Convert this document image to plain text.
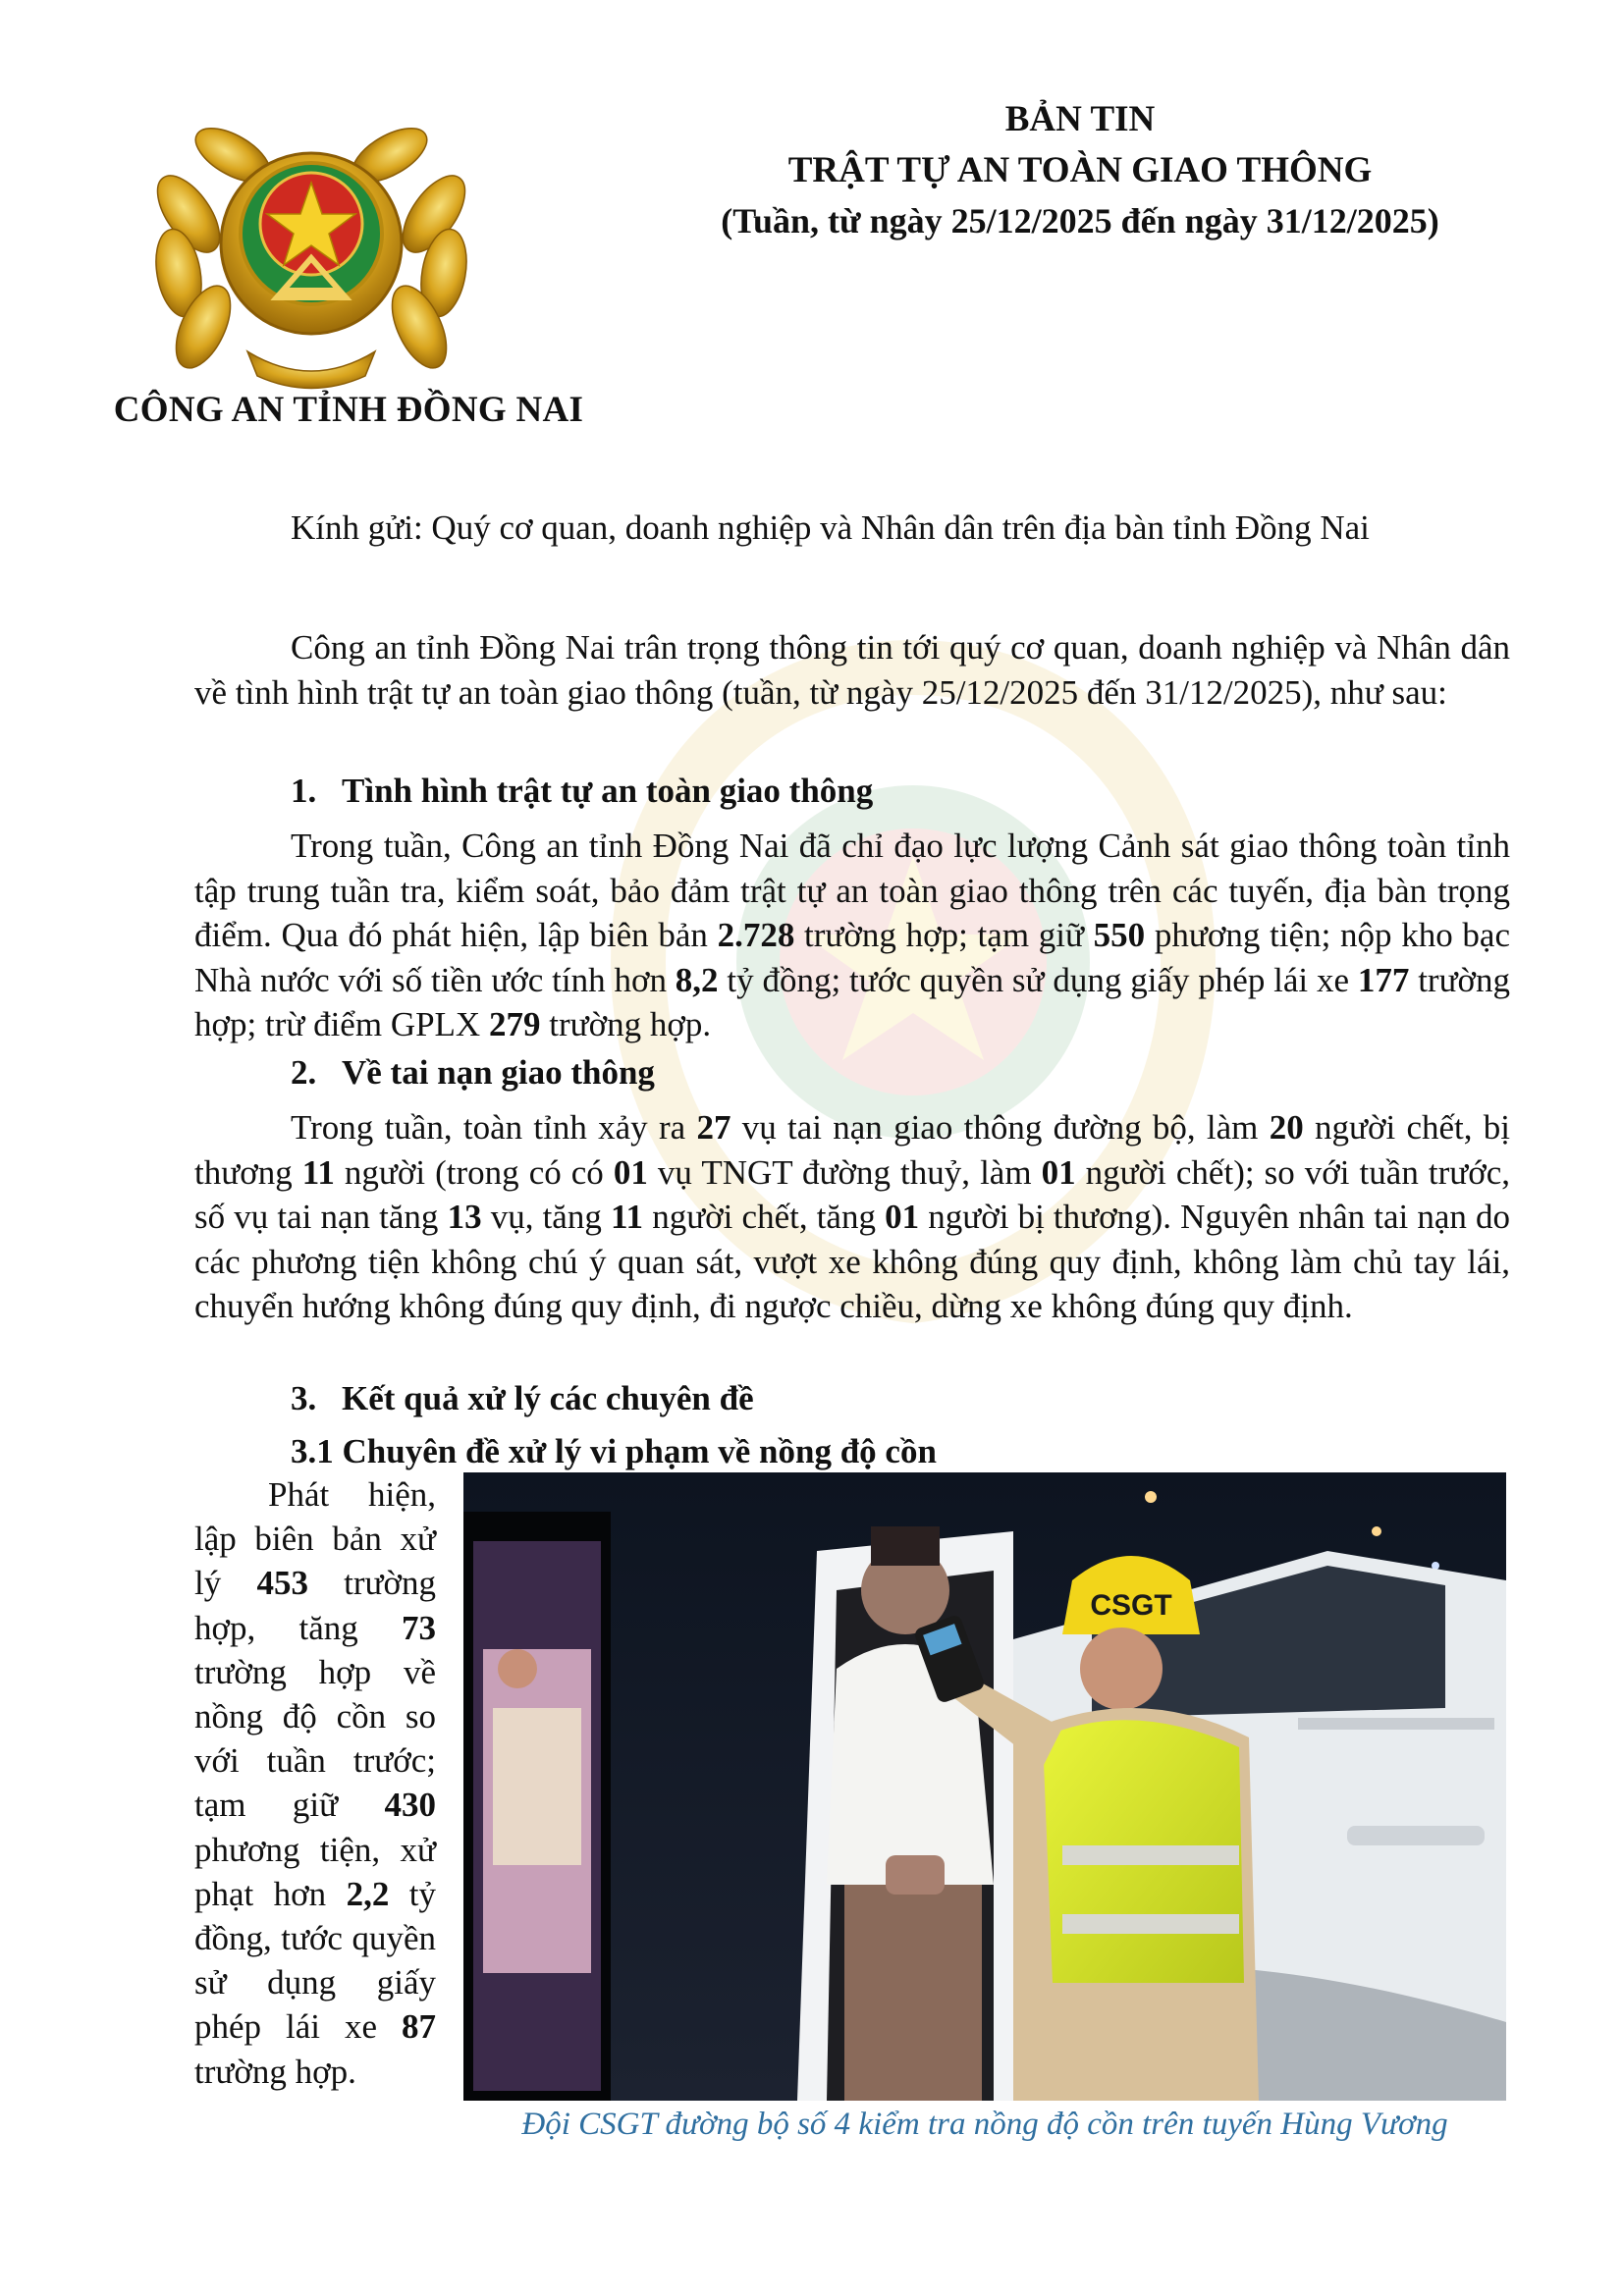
CÔNG AN TỈNH ĐỒNG NAI
BẢN TIN
TRẬT TỰ AN TOÀN GIAO THÔNG
(Tuần, từ ngày 25/12/2025 đến ngày 31/12/2025)
Kính gửi: Quý cơ quan, doanh nghiệp và Nhân dân trên địa bàn tỉnh Đồng Nai
Công an tỉnh Đồng Nai trân trọng thông tin tới quý cơ quan, doanh nghiệp và Nhân dân về tình hình trật tự an toàn giao thông (tuần, từ ngày 25/12/2025 đến 31/12/2025), như sau:
1. Tình hình trật tự an toàn giao thông
Trong tuần, Công an tỉnh Đồng Nai đã chỉ đạo lực lượng Cảnh sát giao thông toàn tỉnh tập trung tuần tra, kiểm soát, bảo đảm trật tự an toàn giao thông trên các tuyến, địa bàn trọng điểm. Qua đó phát hiện, lập biên bản 2.728 trường hợp; tạm giữ 550 phương tiện; nộp kho bạc Nhà nước với số tiền ước tính hơn 8,2 tỷ đồng; tước quyền sử dụng giấy phép lái xe 177 trường hợp; trừ điểm GPLX 279 trường hợp.
2. Về tai nạn giao thông
Trong tuần, toàn tỉnh xảy ra 27 vụ tai nạn giao thông đường bộ, làm 20 người chết, bị thương 11 người (trong có có 01 vụ TNGT đường thuỷ, làm 01 người chết); so với tuần trước, số vụ tai nạn tăng 13 vụ, tăng 11 người chết, tăng 01 người bị thương). Nguyên nhân tai nạn do các phương tiện không chú ý quan sát, vượt xe không đúng quy định, không làm chủ tay lái, chuyển hướng không đúng quy định, đi ngược chiều, dừng xe không đúng quy định.
3. Kết quả xử lý các chuyên đề
3.1 Chuyên đề xử lý vi phạm về nồng độ cồn
Phát hiện, lập biên bản xử lý 453 trường hợp, tăng 73 trường hợp về nồng độ cồn so với tuần trước; tạm giữ 430 phương tiện, xử phạt hơn 2,2 tỷ đồng, tước quyền sử dụng giấy phép lái xe 87 trường hợp.
CSGT
Đội CSGT đường bộ số 4 kiểm tra nồng độ cồn trên tuyến Hùng Vương
